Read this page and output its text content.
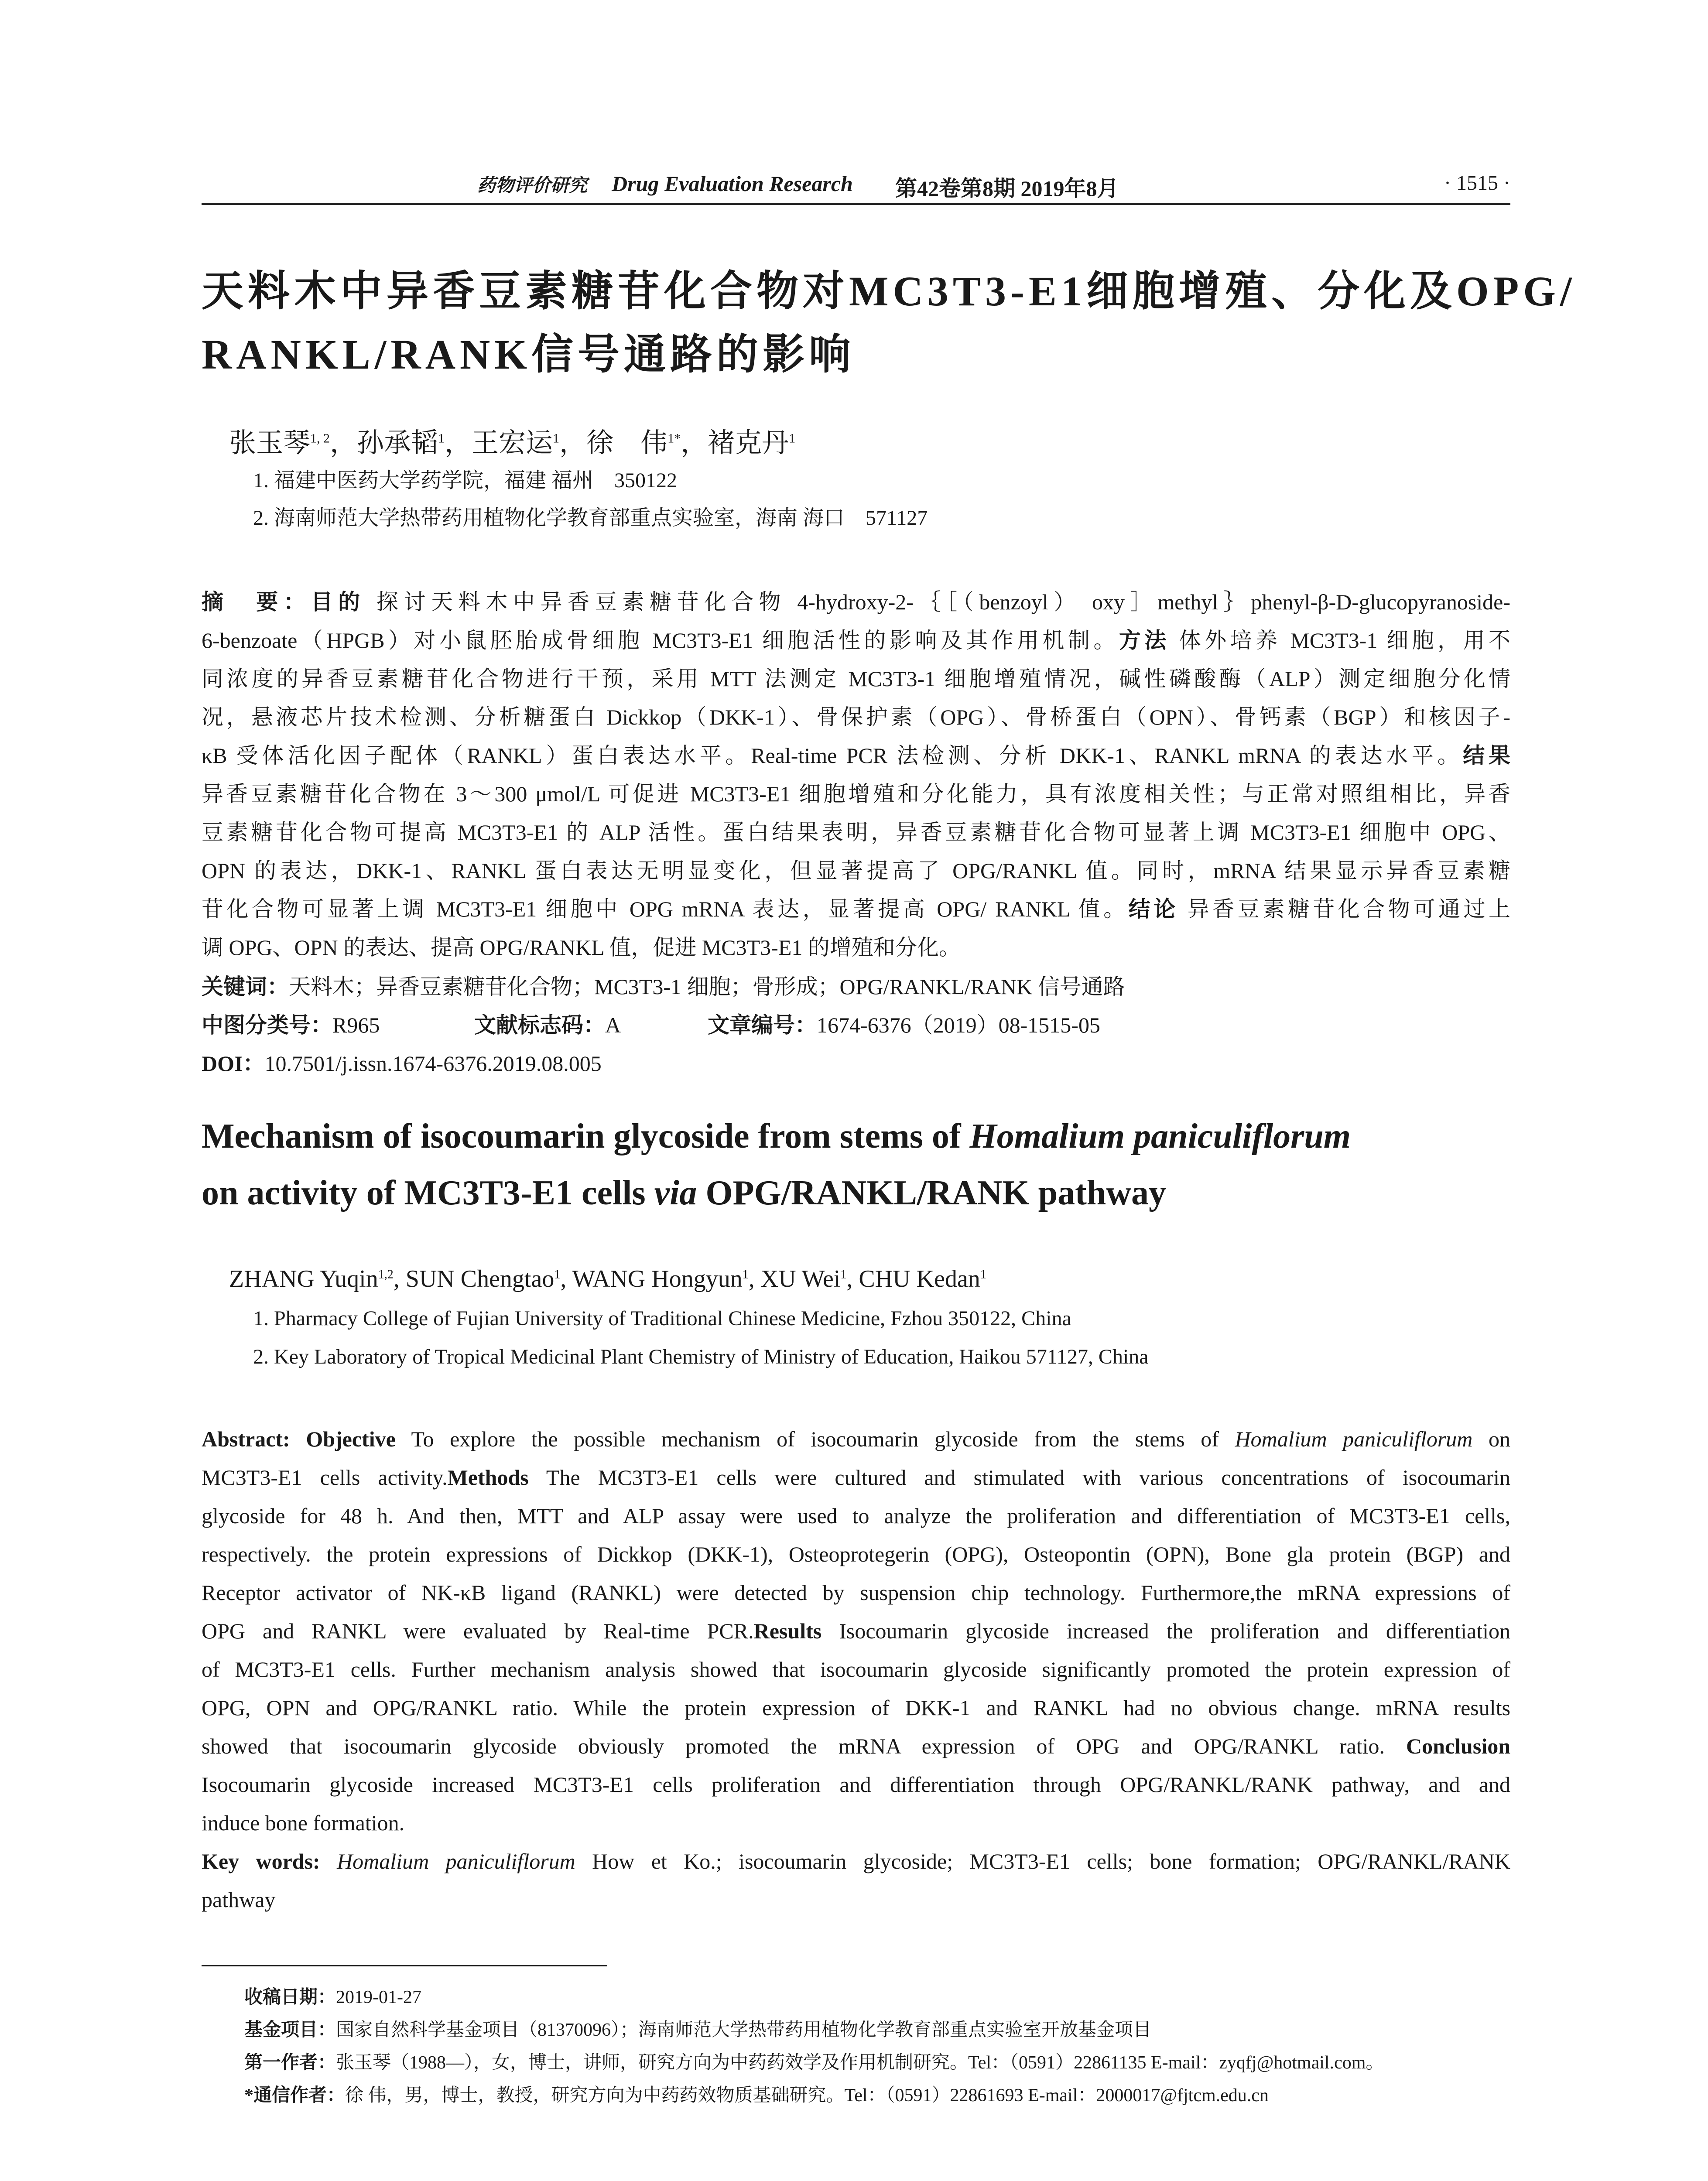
药物评价研究 Drug Evaluation Research 第42卷第8期 2019年8月	· 1515 ·
天料木中异香豆素糖苷化合物对MC3T3-E1细胞增殖、分化及OPG/
RANKL/RANK信号通路的影响
张玉琴$^{1, 2}$，孙承韬$^1$，王宏运$^1$，徐　伟$^{1*}$，褚克丹$^1$
1. 福建中医药大学药学院，福建 福州　350122
2. 海南师范大学热带药用植物化学教育部重点实验室，海南 海口　571127
摘　要：目的 探讨天料木中异香豆素糖苷化合物 4-hydroxy-2-｛［（benzoyl） oxy］methyl｝phenyl-β-D-glucopyranoside-
6-benzoate（HPGB）对小鼠胚胎成骨细胞 MC3T3-E1 细胞活性的影响及其作用机制。方法 体外培养 MC3T3-1 细胞，用不
同浓度的异香豆素糖苷化合物进行干预，采用 MTT 法测定 MC3T3-1 细胞增殖情况，碱性磷酸酶（ALP）测定细胞分化情
况，悬液芯片技术检测、分析糖蛋白 Dickkop（DKK-1）、骨保护素（OPG）、骨桥蛋白（OPN）、骨钙素（BGP）和核因子-
κB 受体活化因子配体（RANKL）蛋白表达水平。Real-time PCR 法检测、分析 DKK-1、RANKL mRNA 的表达水平。结果
异香豆素糖苷化合物在 3～300 μmol/L 可促进 MC3T3-E1 细胞增殖和分化能力，具有浓度相关性；与正常对照组相比，异香
豆素糖苷化合物可提高 MC3T3-E1 的 ALP 活性。蛋白结果表明，异香豆素糖苷化合物可显著上调 MC3T3-E1 细胞中 OPG、
OPN 的表达，DKK-1、RANKL 蛋白表达无明显变化，但显著提高了 OPG/RANKL 值。同时，mRNA 结果显示异香豆素糖
苷化合物可显著上调 MC3T3-E1 细胞中 OPG mRNA 表达，显著提高 OPG/ RANKL 值。结论 异香豆素糖苷化合物可通过上
调 OPG、OPN 的表达、提高 OPG/RANKL 值，促进 MC3T3-E1 的增殖和分化。
关键词：天料木；异香豆素糖苷化合物；MC3T3-1 细胞；骨形成；OPG/RANKL/RANK 信号通路
中图分类号：R965	文献标志码：A	文章编号：1674-6376（2019）08-1515-05
DOI：10.7501/j.issn.1674-6376.2019.08.005
Mechanism of isocoumarin glycoside from stems of Homalium paniculiflorum
on activity of MC3T3-E1 cells via OPG/RANKL/RANK pathway
ZHANG Yuqin$^{1,2}$, SUN Chengtao$^1$, WANG Hongyun$^1$, XU Wei$^1$, CHU Kedan$^1$
1. Pharmacy College of Fujian University of Traditional Chinese Medicine, Fzhou 350122, China
2. Key Laboratory of Tropical Medicinal Plant Chemistry of Ministry of Education, Haikou 571127, China
Abstract: Objective To explore the possible mechanism of isocoumarin glycoside from the stems of Homalium paniculiflorum on
MC3T3-E1 cells activity.Methods The MC3T3-E1 cells were cultured and stimulated with various concentrations of isocoumarin
glycoside for 48 h. And then, MTT and ALP assay were used to analyze the proliferation and differentiation of MC3T3-E1 cells,
respectively. the protein expressions of Dickkop (DKK-1), Osteoprotegerin (OPG), Osteopontin (OPN), Bone gla protein (BGP) and
Receptor activator of NK-κB ligand (RANKL) were detected by suspension chip technology. Furthermore,the mRNA expressions of
OPG and RANKL were evaluated by Real-time PCR.Results Isocoumarin glycoside increased the proliferation and differentiation
of MC3T3-E1 cells. Further mechanism analysis showed that isocoumarin glycoside significantly promoted the protein expression of
OPG, OPN and OPG/RANKL ratio. While the protein expression of DKK-1 and RANKL had no obvious change. mRNA results
showed that isocoumarin glycoside obviously promoted the mRNA expression of OPG and OPG/RANKL ratio. Conclusion
Isocoumarin glycoside increased MC3T3-E1 cells proliferation and differentiation through OPG/RANKL/RANK pathway, and and
induce bone formation.
Key words: Homalium paniculiflorum How et Ko.; isocoumarin glycoside; MC3T3-E1 cells; bone formation; OPG/RANKL/RANK
pathway
收稿日期：2019-01-27
基金项目：国家自然科学基金项目（81370096）；海南师范大学热带药用植物化学教育部重点实验室开放基金项目
第一作者：张玉琴（1988—），女，博士，讲师，研究方向为中药药效学及作用机制研究。Tel：（0591）22861135 E-mail：zyqfj@hotmail.com。
*通信作者：徐 伟，男，博士，教授，研究方向为中药药效物质基础研究。Tel：（0591）22861693 E-mail：2000017@fjtcm.edu.cn
